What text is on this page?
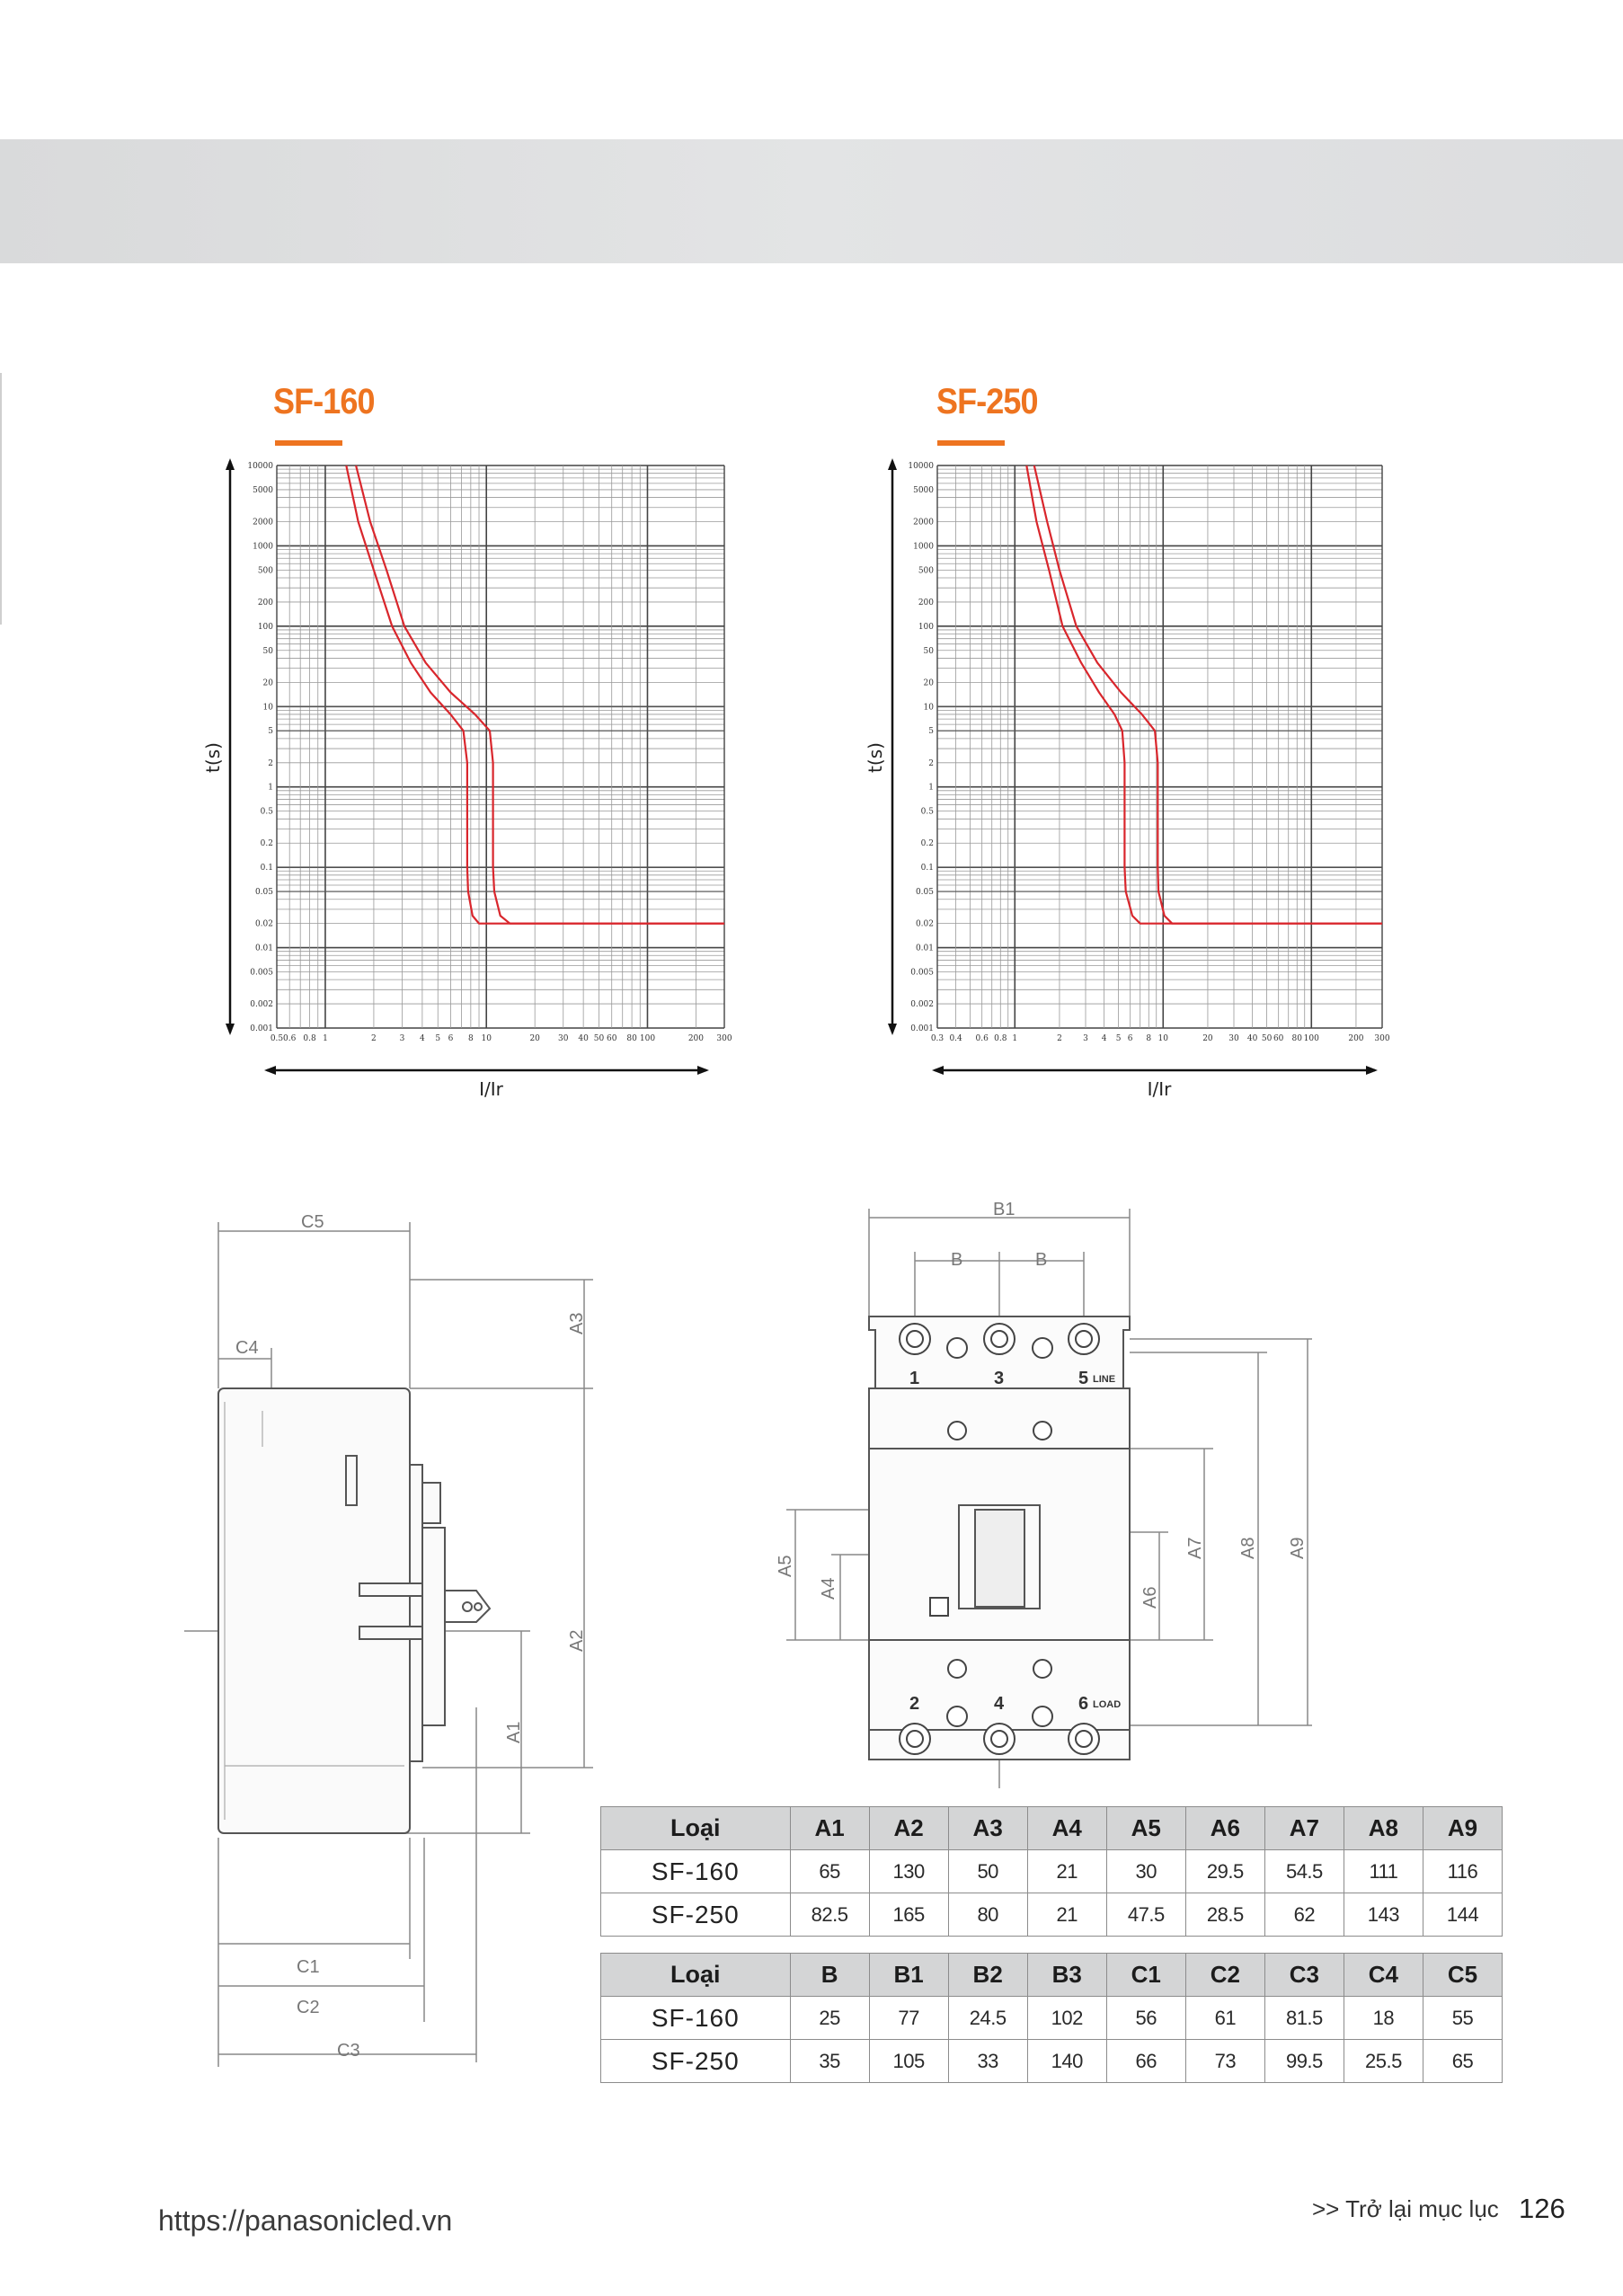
SF-160	SF-250
10000
5000
2000
1000
500
200
100
50
20
10
5
2
1
0.5
0.2
0.1
0.05
0.02
0.01
0.005
0.002
0.001
0.5 0.6 0.8 1	2	3 4 5 6 8 10	20 30 40 50 60 80 100	200 300
t(s)
I/Ir
10000
5000
2000
1000
500
200
100
50
20
10
5
2
1
0.5
0.2
0.1
0.05
0.02
0.01
0.005
0.002
0.001
0.3 0.4 0.6 0.8 1	2	3 4 5 6 8 10	20 30 40 50 60 80 100	200 300
t(s)
I/Ir
C5
C4
A3
A2
A1
C1
C2
C3
B1
B	B
A5
A4	A6
A7 A8 A9
1	3	5 LINE
2	4	6 LOAD
Loại	A1	A2	A3	A4	A5	A6	A7	A8	A9
SF-160	65	130	50	21	30	29.5	54.5	111	116
SF-250	82.5	165	80	21	47.5	28.5	62	143	144
Loại	B	B1	B2	B3	C1	C2	C3	C4	C5
SF-160	25	77	24.5	102	56	61	81.5	18	55
SF-250	35	105	33	140	66	73	99.5	25.5	65
https://panasonicled.vn	>> Trở lại mục lục 126
